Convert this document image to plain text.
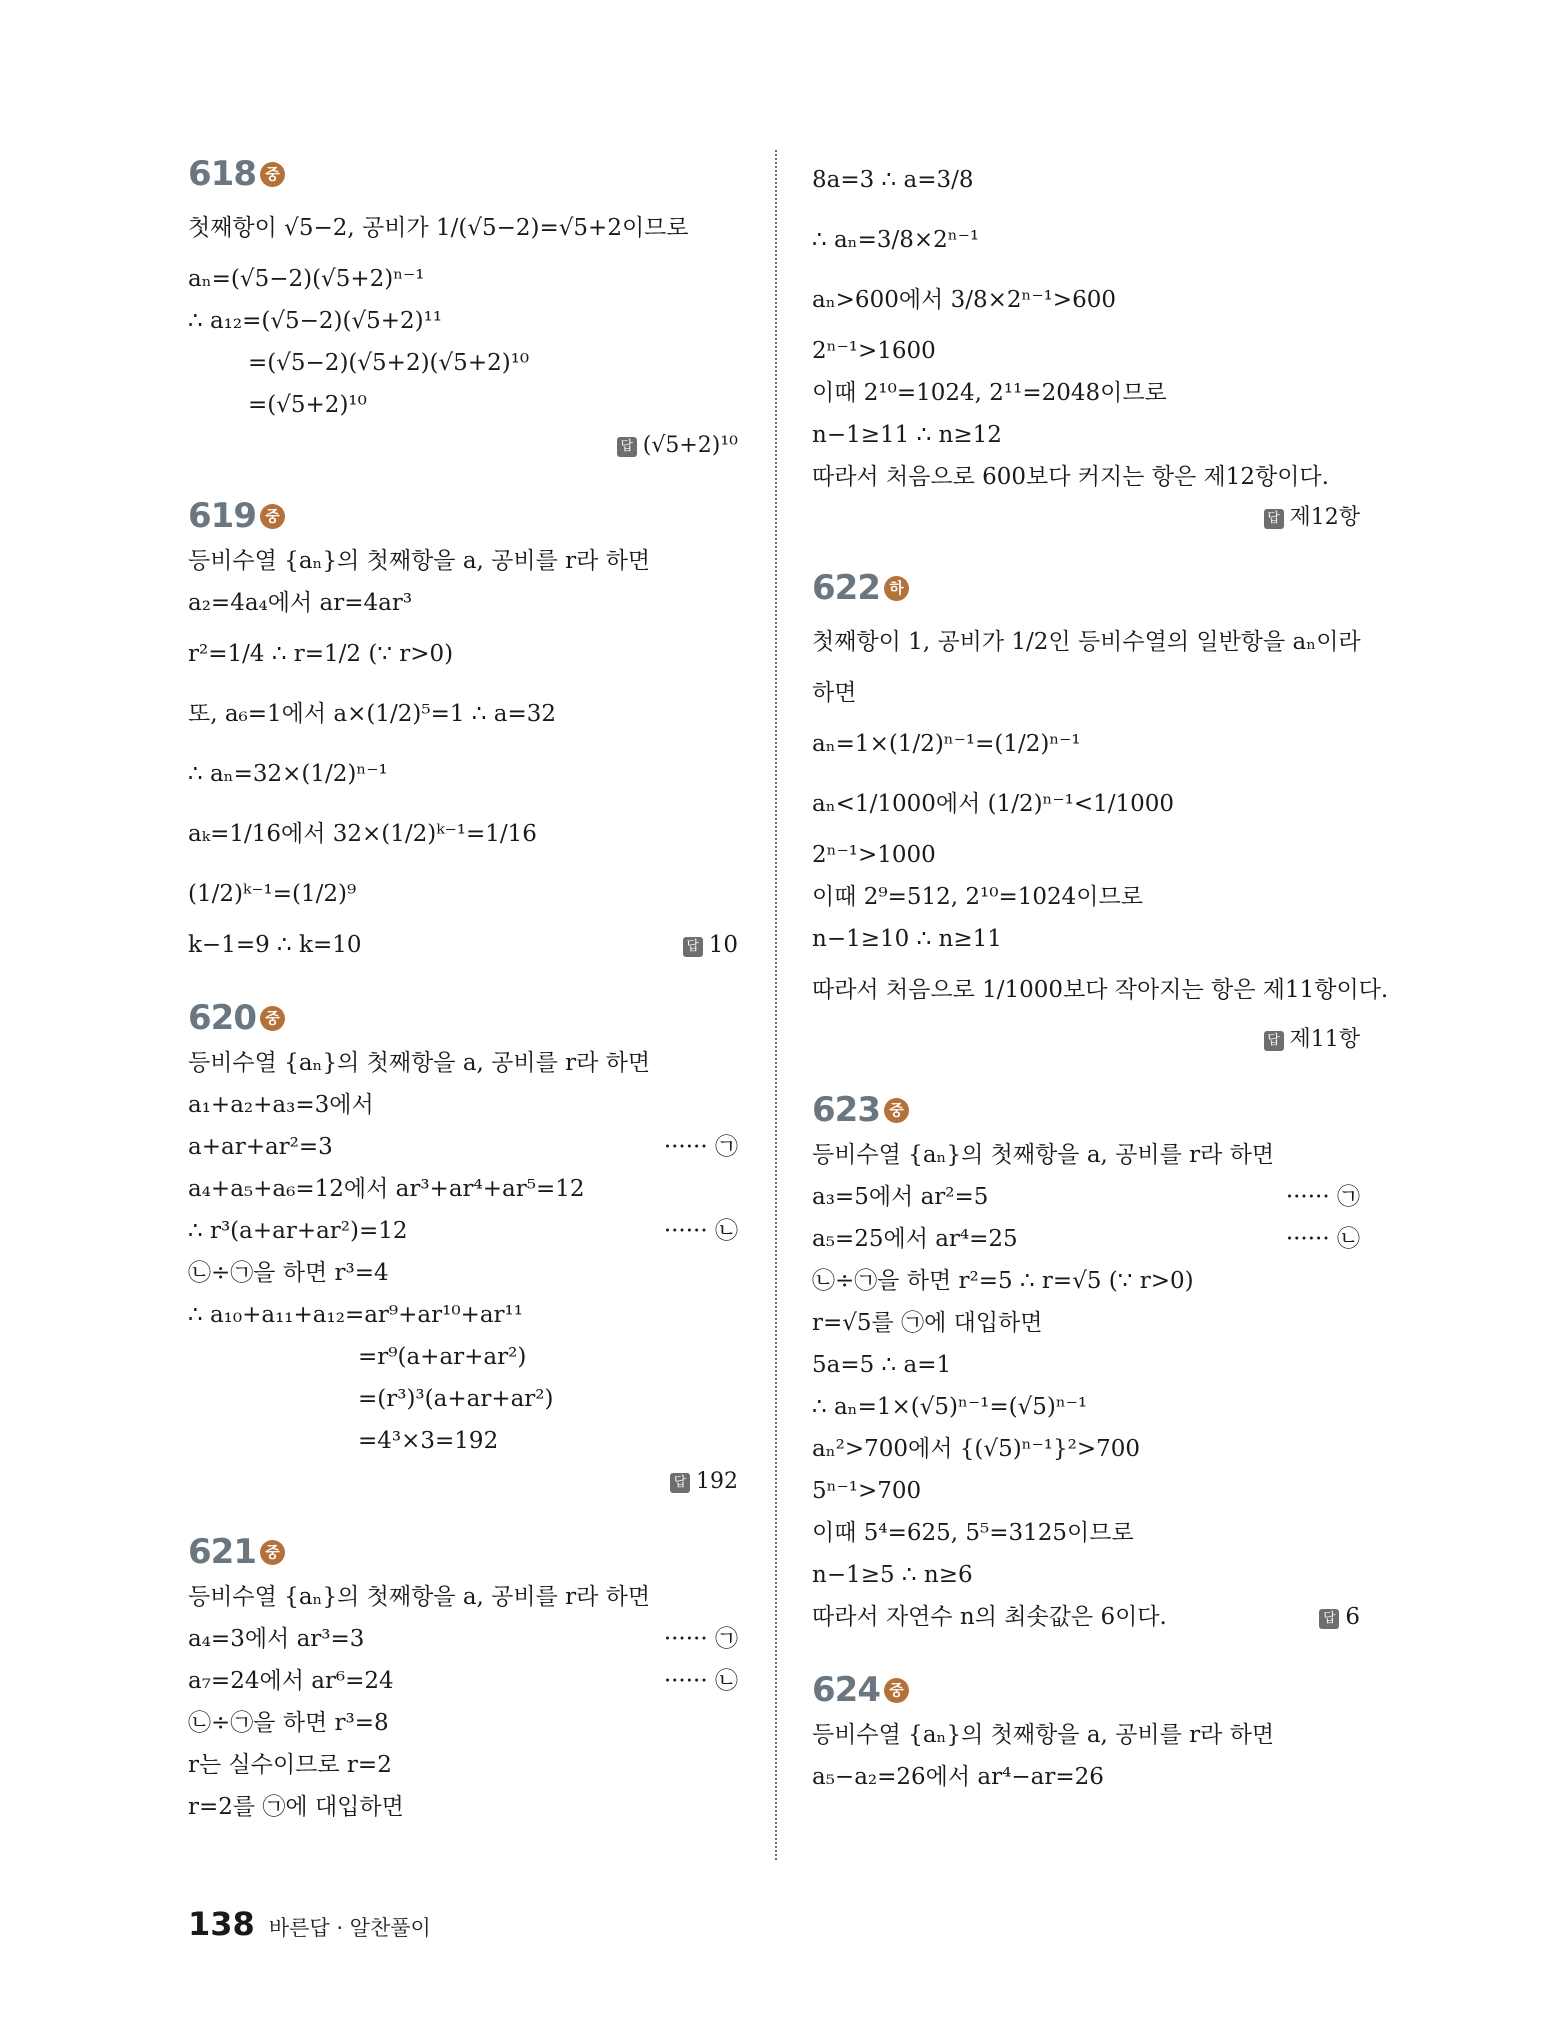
618 중
첫째항이 √5−2, 공비가 1/(√5−2)=√5+2이므로
aₙ=(√5−2)(√5+2)ⁿ⁻¹
∴ a₁₂=(√5−2)(√5+2)¹¹
=(√5−2)(√5+2)(√5+2)¹⁰
=(√5+2)¹⁰
답 (√5+2)¹⁰
619 중
등비수열 {aₙ}의 첫째항을 a, 공비를 r라 하면
a₂=4a₄에서 ar=4ar³
r²=1/4 ∴ r=1/2 (∵ r>0)
또, a₆=1에서 a×(1/2)⁵=1 ∴ a=32
∴ aₙ=32×(1/2)ⁿ⁻¹
aₖ=1/16에서 32×(1/2)ᵏ⁻¹=1/16
(1/2)ᵏ⁻¹=(1/2)⁹
k−1=9 ∴ k=10	답 10
620 중
등비수열 {aₙ}의 첫째항을 a, 공비를 r라 하면
a₁+a₂+a₃=3에서
a+ar+ar²=3	······ ㉠
a₄+a₅+a₆=12에서 ar³+ar⁴+ar⁵=12
∴ r³(a+ar+ar²)=12	······ ㉡
㉡÷㉠을 하면 r³=4
∴ a₁₀+a₁₁+a₁₂=ar⁹+ar¹⁰+ar¹¹
=r⁹(a+ar+ar²)
=(r³)³(a+ar+ar²)
=4³×3=192
답 192
621 중
등비수열 {aₙ}의 첫째항을 a, 공비를 r라 하면
a₄=3에서 ar³=3	······ ㉠
a₇=24에서 ar⁶=24	······ ㉡
㉡÷㉠을 하면 r³=8
r는 실수이므로 r=2
r=2를 ㉠에 대입하면
8a=3 ∴ a=3/8
∴ aₙ=3/8×2ⁿ⁻¹
aₙ>600에서 3/8×2ⁿ⁻¹>600
2ⁿ⁻¹>1600
이때 2¹⁰=1024, 2¹¹=2048이므로
n−1≥11 ∴ n≥12
따라서 처음으로 600보다 커지는 항은 제12항이다.
답 제12항
622 하
첫째항이 1, 공비가 1/2인 등비수열의 일반항을 aₙ이라
하면
aₙ=1×(1/2)ⁿ⁻¹=(1/2)ⁿ⁻¹
aₙ<1/1000에서 (1/2)ⁿ⁻¹<1/1000
2ⁿ⁻¹>1000
이때 2⁹=512, 2¹⁰=1024이므로
n−1≥10 ∴ n≥11
따라서 처음으로 1/1000보다 작아지는 항은 제11항이다.
답 제11항
623 중
등비수열 {aₙ}의 첫째항을 a, 공비를 r라 하면
a₃=5에서 ar²=5	······ ㉠
a₅=25에서 ar⁴=25	······ ㉡
㉡÷㉠을 하면 r²=5 ∴ r=√5 (∵ r>0)
r=√5를 ㉠에 대입하면
5a=5 ∴ a=1
∴ aₙ=1×(√5)ⁿ⁻¹=(√5)ⁿ⁻¹
aₙ²>700에서 {(√5)ⁿ⁻¹}²>700
5ⁿ⁻¹>700
이때 5⁴=625, 5⁵=3125이므로
n−1≥5 ∴ n≥6
따라서 자연수 n의 최솟값은 6이다.	답 6
624 중
등비수열 {aₙ}의 첫째항을 a, 공비를 r라 하면
a₅−a₂=26에서 ar⁴−ar=26
138 바른답 · 알찬풀이
